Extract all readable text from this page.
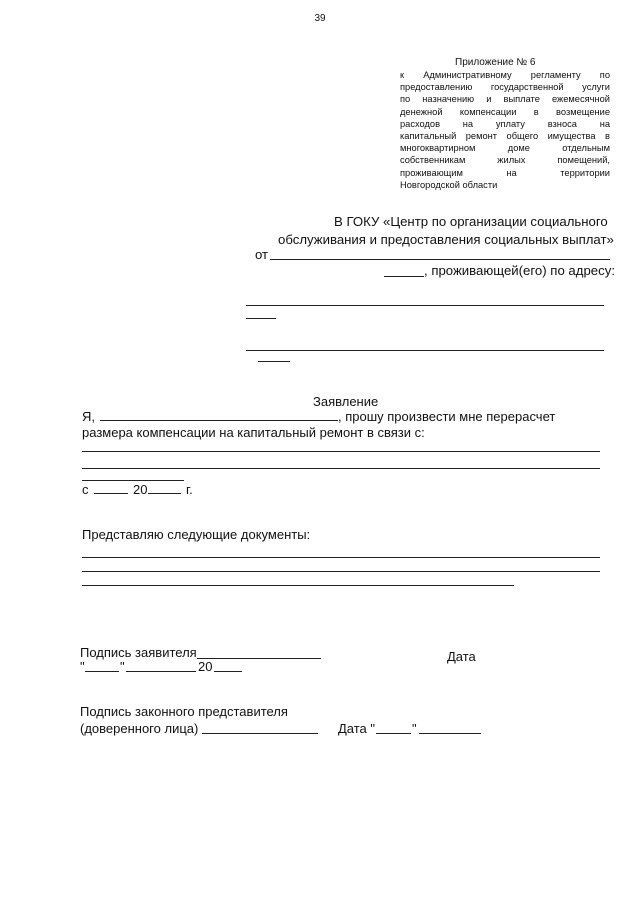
39
Приложение № 6
к Административному регламенту по
предоставлению государственной услуги
по назначению и выплате ежемесячной
денежной компенсации в возмещение
расходов на уплату взноса на
капитальный ремонт общего имущества в
многоквартирном доме отдельным
собственникам жилых помещений,
проживающим на территории
Новгородской области
В ГОКУ «Центр по организации социального
обслуживания и предоставления социальных выплат»
от
, проживающей(его) по адресу:
Заявление
Я,	, прошу произвести мне перерасчет
размера компенсации на капитальный ремонт в связи с:
с	20	г.
Представляю следующие документы:
Подпись заявителя	Дата
"	"	20
Подпись законного представителя
(доверенного лица)	Дата "	"
